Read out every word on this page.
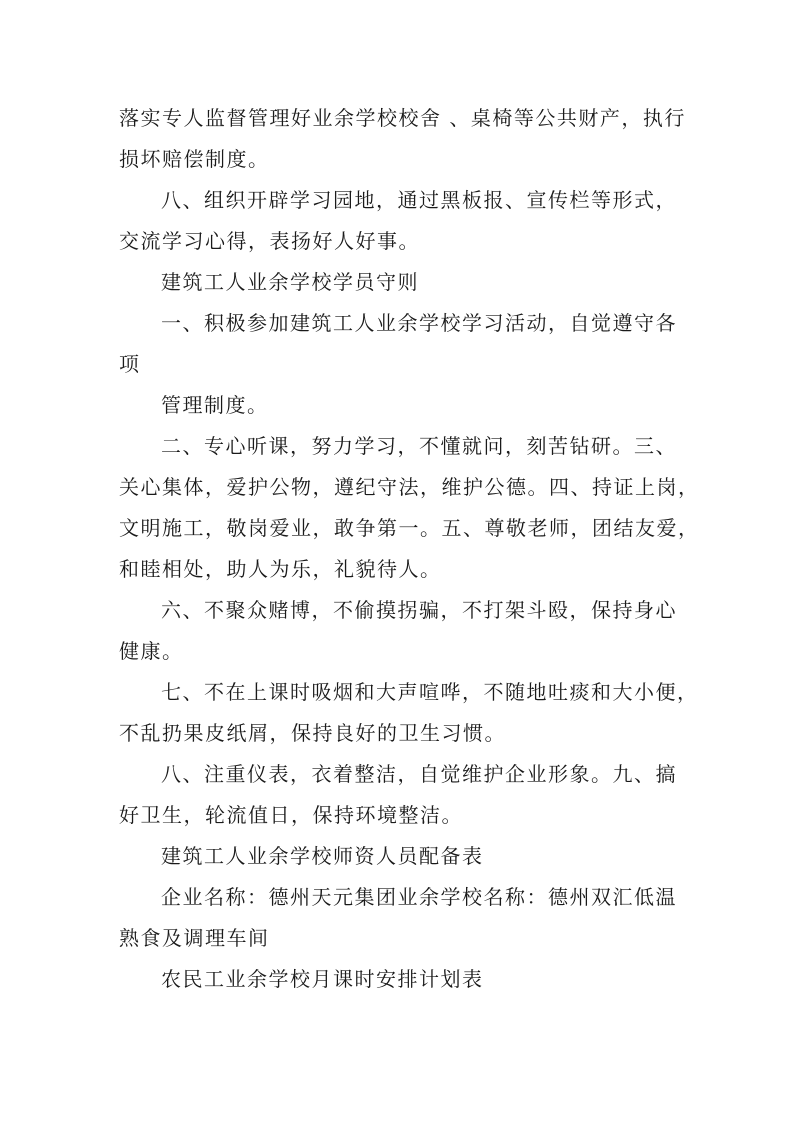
落实专人监督管理好业余学校校舍 、桌椅等公共财产，执行
损坏赔偿制度。

八、组织开辟学习园地，通过黑板报、宣传栏等形式，
交流学习心得，表扬好人好事。

建筑工人业余学校学员守则

一、积极参加建筑工人业余学校学习活动，自觉遵守各
项

管理制度。

二、专心听课，努力学习，不懂就问，刻苦钻研。三、
关心集体，爱护公物，遵纪守法，维护公德。四、持证上岗，
文明施工，敬岗爱业，敢争第一。五、尊敬老师，团结友爱，
和睦相处，助人为乐，礼貌待人。

六、不聚众赌博，不偷摸拐骗，不打架斗殴，保持身心
健康。

七、不在上课时吸烟和大声喧哗，不随地吐痰和大小便，
不乱扔果皮纸屑，保持良好的卫生习惯。

八、注重仪表，衣着整洁，自觉维护企业形象。九、搞
好卫生，轮流值日，保持环境整洁。

建筑工人业余学校师资人员配备表

企业名称：德州天元集团业余学校名称：德州双汇低温
熟食及调理车间

农民工业余学校月课时安排计划表
